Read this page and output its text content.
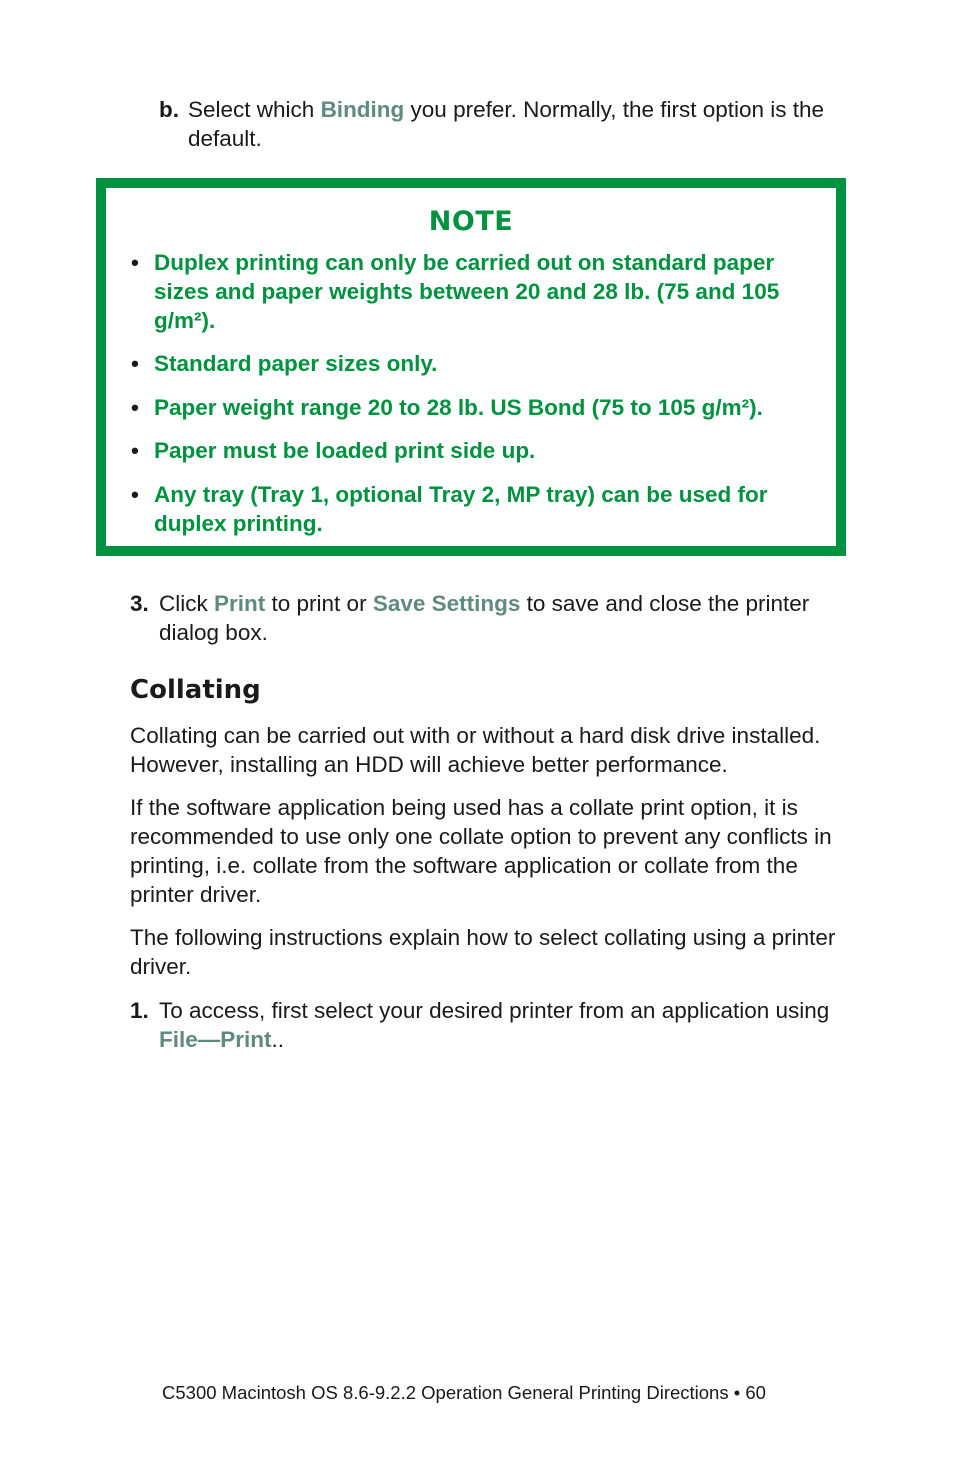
b. Select which Binding you prefer. Normally, the first option is the default.
NOTE
• Duplex printing can only be carried out on standard paper sizes and paper weights between 20 and 28 lb. (75 and 105 g/m²).
• Standard paper sizes only.
• Paper weight range 20 to 28 lb. US Bond (75 to 105 g/m²).
• Paper must be loaded print side up.
• Any tray (Tray 1, optional Tray 2, MP tray) can be used for duplex printing.
3. Click Print to print or Save Settings to save and close the printer dialog box.
Collating
Collating can be carried out with or without a hard disk drive installed. However, installing an HDD will achieve better performance.
If the software application being used has a collate print option, it is recommended to use only one collate option to prevent any conflicts in printing, i.e. collate from the software application or collate from the printer driver.
The following instructions explain how to select collating using a printer driver.
1. To access, first select your desired printer from an application using File—Print..
C5300 Macintosh OS 8.6-9.2.2 Operation General Printing Directions • 60
